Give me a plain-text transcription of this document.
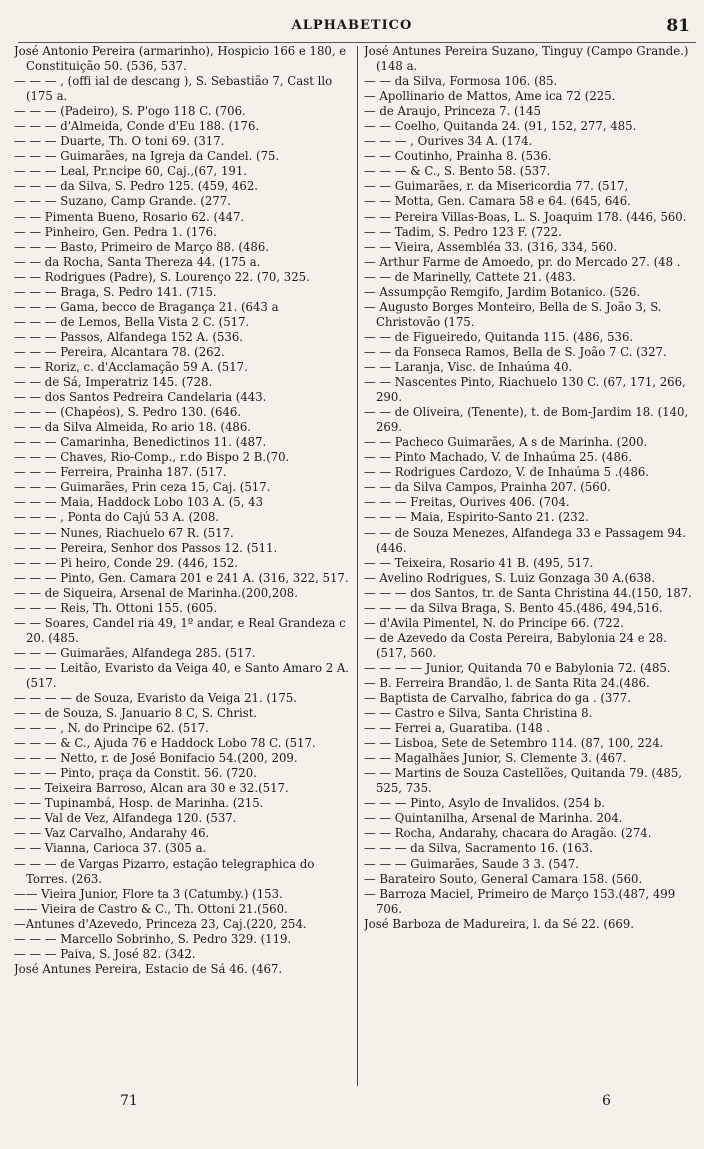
ALPHABETICO	81

José Antonio Pereira (armarinho), Hospicio 166 e 180, e Constituição 50. (536, 537.

— — — , (offi ial de descang ), S. Sebastião 7, Cast llo (175 a.

— — — (Padeiro), S. P'ogo 118 C. (706.

— — — d'Almeida, Conde d'Eu 188. (176.

— — — Duarte, Th. O toni 69. (317.

— — — Guimarães, na Igreja da Candel. (75.

— — — Leal, Pr.ncipe 60, Caj.,(67, 191.

— — — da Silva, S. Pedro 125. (459, 462.

— — — Suzano, Camp Grande. (277.

— — Pimenta Bueno, Rosario 62. (447.

— — Pinheiro, Gen. Pedra 1. (176.

— — — Basto, Primeiro de Março 88. (486.

— — da Rocha, Santa Thereza 44. (175 a.

— — Rodrigues (Padre), S. Lourenço 22. (70, 325.

— — — Braga, S. Pedro 141. (715.

— — — Gama, becco de Bragança 21. (643 a

— — — de Lemos, Bella Vista 2 C. (517.

— — — Passos, Alfandega 152 A. (536.

— — — Pereira, Alcantara 78. (262.

— — Roriz, c. d'Acclamação 59 A. (517.

— — de Sá, Imperatriz 145. (728.

— — dos Santos Pedreira Candelaria (443.

— — — (Chapéos), S. Pedro 130. (646.

— — da Silva Almeida, Ro ario 18. (486.

— — — Camarinha, Benedictinos 11. (487.

— — — Chaves, Rio-Comp., r.do Bispo 2 B.(70.

— — — Ferreira, Prainha 187. (517.

— — — Guimarães, Prin ceza 15, Caj. (517.

— — — Maia, Haddock Lobo 103 A. (5, 43

— — — , Ponta do Cajú 53 A. (208.

— — — Nunes, Riachuelo 67 R. (517.

— — — Pereira, Senhor dos Passos 12. (511.

— — — Pi heiro, Conde 29. (446, 152.

— — — Pinto, Gen. Camara 201 e 241 A. (316, 322, 517.

— — de Siqueira, Arsenal de Marinha.(200,208.

— — — Reis, Th. Ottoni 155. (605.

— — Soares, Candel ria 49, 1º andar, e Real Grandeza c 20. (485.

— — — Guimarães, Alfandega 285. (517.

— — — Leitão, Evaristo da Veiga 40, e Santo Amaro 2 A. (517.

— — — — de Souza, Evaristo da Veiga 21. (175.

— — de Souza, S. Januario 8 C, S. Christ.

— — — , N. do Principe 62. (517.

— — — & C., Ajuda 76 e Haddock Lobo 78 C. (517.

— — — Netto, r. de José Bonifacio 54.(200, 209.

— — — Pinto, praça da Constit. 56. (720.

— — Teixeira Barroso, Alcan ara 30 e 32.(517.

— — Tupinambá, Hosp. de Marinha. (215.

— — Val de Vez, Alfandega 120. (537.

— — Vaz Carvalho, Andarahy 46.

— — Vianna, Carioca 37. (305 a.

— — — de Vargas Pizarro, estação telegraphica do Torres. (263.

—— Vieira Junior, Flore ta 3 (Catumby.) (153.

—— Vieira de Castro & C., Th. Ottoni 21.(560.

—Antunes d'Azevedo, Princeza 23, Caj.(220, 254.

— — — Marcello Sobrinho, S. Pedro 329. (119.

— — — Paiva, S. José 82. (342.

José Antunes Pereira, Estacio de Sá 46. (467.

José Antunes Pereira Suzano, Tinguy (Campo Grande.) (148 a.

— — da Silva, Formosa 106. (85.

— Apollinario de Mattos, Ame ica 72 (225.

— de Araujo, Princeza 7. (145

— — Coelho, Quitanda 24. (91, 152, 277, 485.

— — — , Ourives 34 A. (174.

— — Coutinho, Prainha 8. (536.

— — — & C., S. Bento 58. (537.

— — Guimarães, r. da Misericordia 77. (517,

— — Motta, Gen. Camara 58 e 64. (645, 646.

— — Pereira Villas-Boas, L. S. Joaquim 178. (446, 560.

— — Tadim, S. Pedro 123 F. (722.

— — Vieira, Assembléa 33. (316, 334, 560.

— Arthur Farme de Amoedo, pr. do Mercado 27. (48 .

— — de Marinelly, Cattete 21. (483.

— Assumpção Remgifo, Jardim Botanico. (526.

— Augusto Borges Monteiro, Bella de S. João 3, S. Christovão (175.

— — de Figueiredo, Quitanda 115. (486, 536.

— — da Fonseca Ramos, Bella de S. João 7 C. (327.

— — Laranja, Visc. de Inhaúma 40.

— — Nascentes Pinto, Riachuelo 130 C. (67, 171, 266, 290.

— — de Oliveira, (Tenente), t. de Bom-Jardim 18. (140, 269.

— — Pacheco Guimarães, A s de Marinha. (200.

— — Pinto Machado, V. de Inhaúma 25. (486.

— — Rodrigues Cardozo, V. de Inhaúma 5 .(486.

— — da Silva Campos, Prainha 207. (560.

— — — Freitas, Ourives 406. (704.

— — — Maia, Espirito-Santo 21. (232.

— — de Souza Menezes, Alfandega 33 e Passagem 94. (446.

— — Teixeira, Rosario 41 B. (495, 517.

— Avelino Rodrigues, S. Luiz Gonzaga 30 A.(638.

— — — dos Santos, tr. de Santa Christina 44.(150, 187.

— — — da Silva Braga, S. Bento 45.(486, 494,516.

— d'Avila Pimentel, N. do Principe 66. (722.

— de Azevedo da Costa Pereira, Babylonia 24 e 28. (517, 560.

— — — — Junior, Quitanda 70 e Babylonia 72. (485.

— B. Ferreira Brandão, l. de Santa Rita 24.(486.

— Baptista de Carvalho, fabrica do ga . (377.

— — Castro e Silva, Santa Christina 8.

— — Ferrei a, Guaratiba. (148 .

— — Lisboa, Sete de Setembro 114. (87, 100, 224.

— — Magalhães Junior, S. Clemente 3. (467.

— — Martins de Souza Castellões, Quitanda 79. (485, 525, 735.

— — — Pinto, Asylo de Invalidos. (254 b.

— — Quintanilha, Arsenal de Marinha. 204.

— — Rocha, Andarahy, chacara do Aragão. (274.

— — — da Silva, Sacramento 16. (163.

— — — Guimarães, Saude 3 3. (547.

— Barateiro Souto, General Camara 158. (560.

— Barroza Maciel, Primeiro de Março 153.(487, 499 706.

José Barboza de Madureira, l. da Sé 22. (669.

71	6
